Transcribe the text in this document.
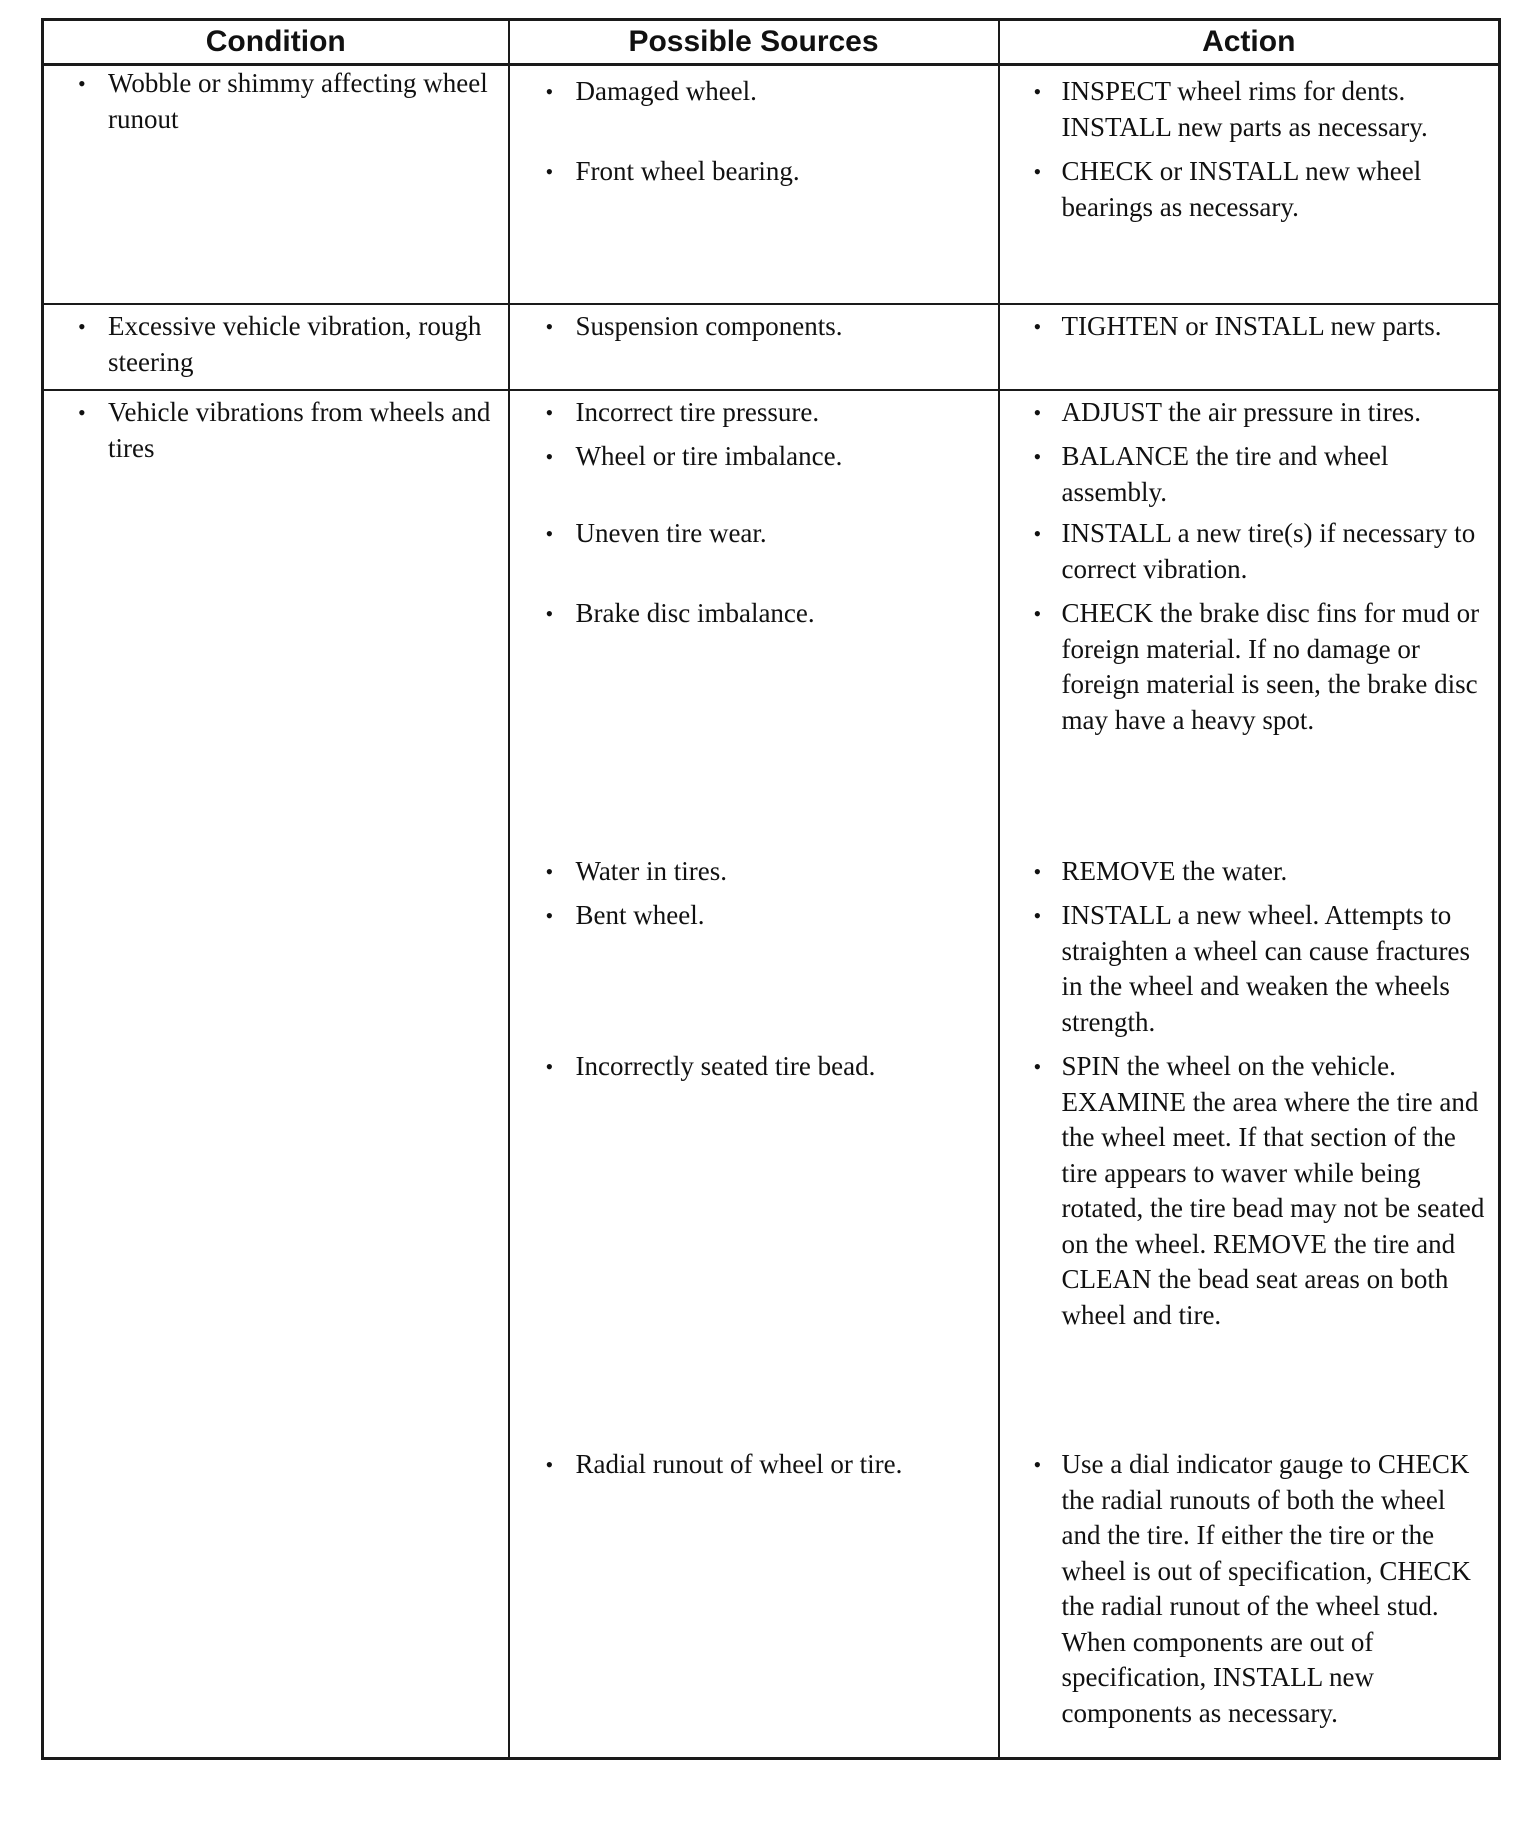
Condition	Possible Sources	Action

• Wobble or shimmy affecting wheel runout	• Damaged wheel.	• INSPECT wheel rims for dents. INSTALL new parts as necessary.

	• Front wheel bearing.	• CHECK or INSTALL new wheel bearings as necessary.

• Excessive vehicle vibration, rough steering	• Suspension components.	• TIGHTEN or INSTALL new parts.

• Vehicle vibrations from wheels and tires	• Incorrect tire pressure.	• ADJUST the air pressure in tires.

	• Wheel or tire imbalance.	• BALANCE the tire and wheel assembly.

	• Uneven tire wear.	• INSTALL a new tire(s) if necessary to correct vibration.

	• Brake disc imbalance.	• CHECK the brake disc fins for mud or foreign material. If no damage or foreign material is seen, the brake disc may have a heavy spot.

	• Water in tires.	• REMOVE the water.

	• Bent wheel.	• INSTALL a new wheel. Attempts to straighten a wheel can cause fractures in the wheel and weaken the wheels strength.

	• Incorrectly seated tire bead.	• SPIN the wheel on the vehicle. EXAMINE the area where the tire and the wheel meet. If that section of the tire appears to waver while being rotated, the tire bead may not be seated on the wheel. REMOVE the tire and CLEAN the bead seat areas on both wheel and tire.

	• Radial runout of wheel or tire.	• Use a dial indicator gauge to CHECK the radial runouts of both the wheel and the tire. If either the tire or the wheel is out of specification, CHECK the radial runout of the wheel stud. When components are out of specification, INSTALL new components as necessary.
